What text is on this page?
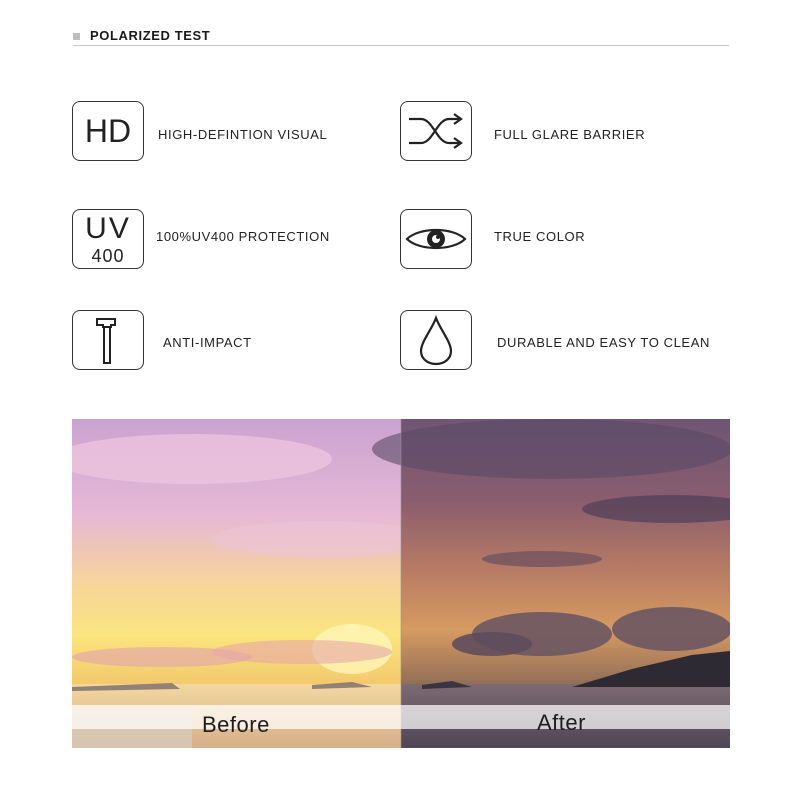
POLARIZED TEST
HD	HIGH-DEFINTION VISUAL	FULL GLARE BARRIER
UV
400
100%UV400 PROTECTION	TRUE COLOR
ANTI-IMPACT	DURABLE AND EASY TO CLEAN
Before	After
